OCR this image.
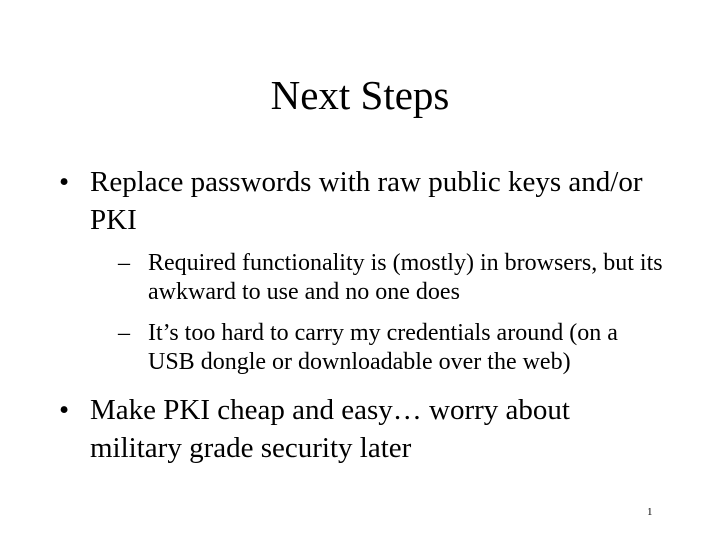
Next Steps
• Replace passwords with raw public keys and/or PKI
– Required functionality is (mostly) in browsers, but its awkward to use and no one does
– It’s too hard to carry my credentials around (on a USB dongle or downloadable over the web)
• Make PKI cheap and easy… worry about military grade security later
1
